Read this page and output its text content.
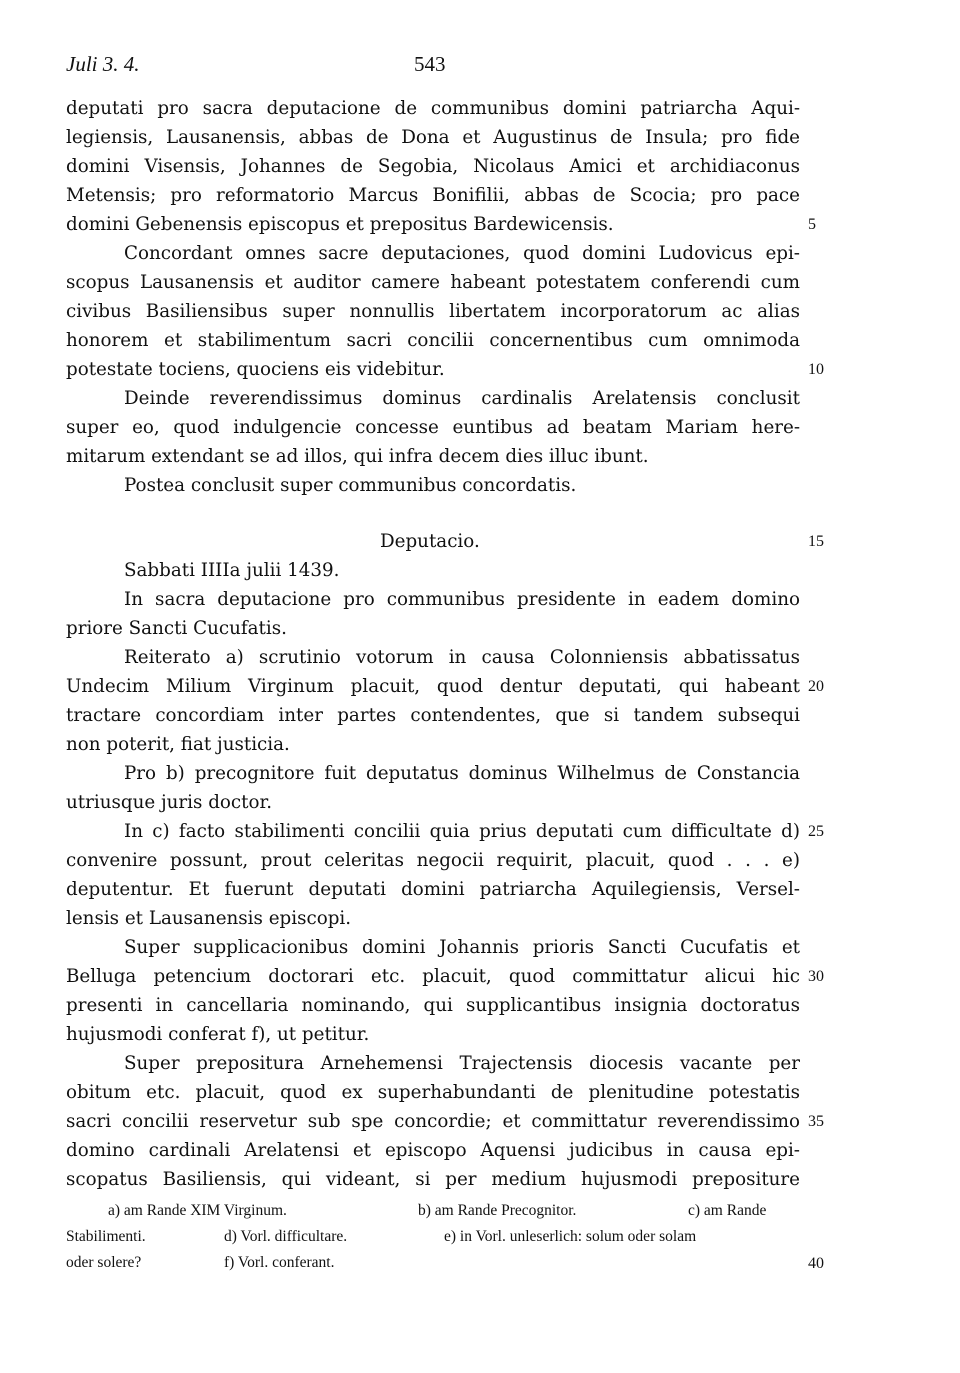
Juli 3. 4.	543
deputati pro sacra deputacione de communibus domini patriarcha Aqui-
legiensis, Lausanensis, abbas de Dona et Augustinus de Insula; pro fide
domini Visensis, Johannes de Segobia, Nicolaus Amici et archidiaconus
Metensis; pro reformatorio Marcus Bonifilii, abbas de Scocia; pro pace
domini Gebenensis episcopus et prepositus Bardewicensis.
Concordant omnes sacre deputaciones, quod domini Ludovicus epi-
scopus Lausanensis et auditor camere habeant potestatem conferendi cum
civibus Basiliensibus super nonnullis libertatem incorporatorum ac alias
honorem et stabilimentum sacri concilii concernentibus cum omnimoda
potestate tociens, quociens eis videbitur.
Deinde reverendissimus dominus cardinalis Arelatensis conclusit
super eo, quod indulgencie concesse euntibus ad beatam Mariam here-
mitarum extendant se ad illos, qui infra decem dies illuc ibunt.
Postea conclusit super communibus concordatis.
Deputacio.
Sabbati IIIIa julii 1439.
In sacra deputacione pro communibus presidente in eadem domino
priore Sancti Cucufatis.
Reiterato a) scrutinio votorum in causa Colonniensis abbatissatus
Undecim Milium Virginum placuit, quod dentur deputati, qui habeant
tractare concordiam inter partes contendentes, que si tandem subsequi
non poterit, fiat justicia.
Pro b) precognitore fuit deputatus dominus Wilhelmus de Constancia
utriusque juris doctor.
In c) facto stabilimenti concilii quia prius deputati cum difficultate d)
convenire possunt, prout celeritas negocii requirit, placuit, quod . . . e)
deputentur. Et fuerunt deputati domini patriarcha Aquilegiensis, Versel-
lensis et Lausanensis episcopi.
Super supplicacionibus domini Johannis prioris Sancti Cucufatis et
Belluga petencium doctorari etc. placuit, quod committatur alicui hic
presenti in cancellaria nominando, qui supplicantibus insignia doctoratus
hujusmodi conferat f), ut petitur.
Super prepositura Arnehemensi Trajectensis diocesis vacante per
obitum etc. placuit, quod ex superhabundanti de plenitudine potestatis
sacri concilii reservetur sub spe concordie; et committatur reverendissimo
domino cardinali Arelatensi et episcopo Aquensi judicibus in causa epi-
scopatus Basiliensis, qui videant, si per medium hujusmodi prepositure
5
10
15
20
25
30
35
40
a) am Rande XIM Virginum.	b) am Rande Precognitor.	c) am Rande
Stabilimenti.	d) Vorl. difficultare.	e) in Vorl. unleserlich: solum oder solam
oder solere?	f) Vorl. conferant.
